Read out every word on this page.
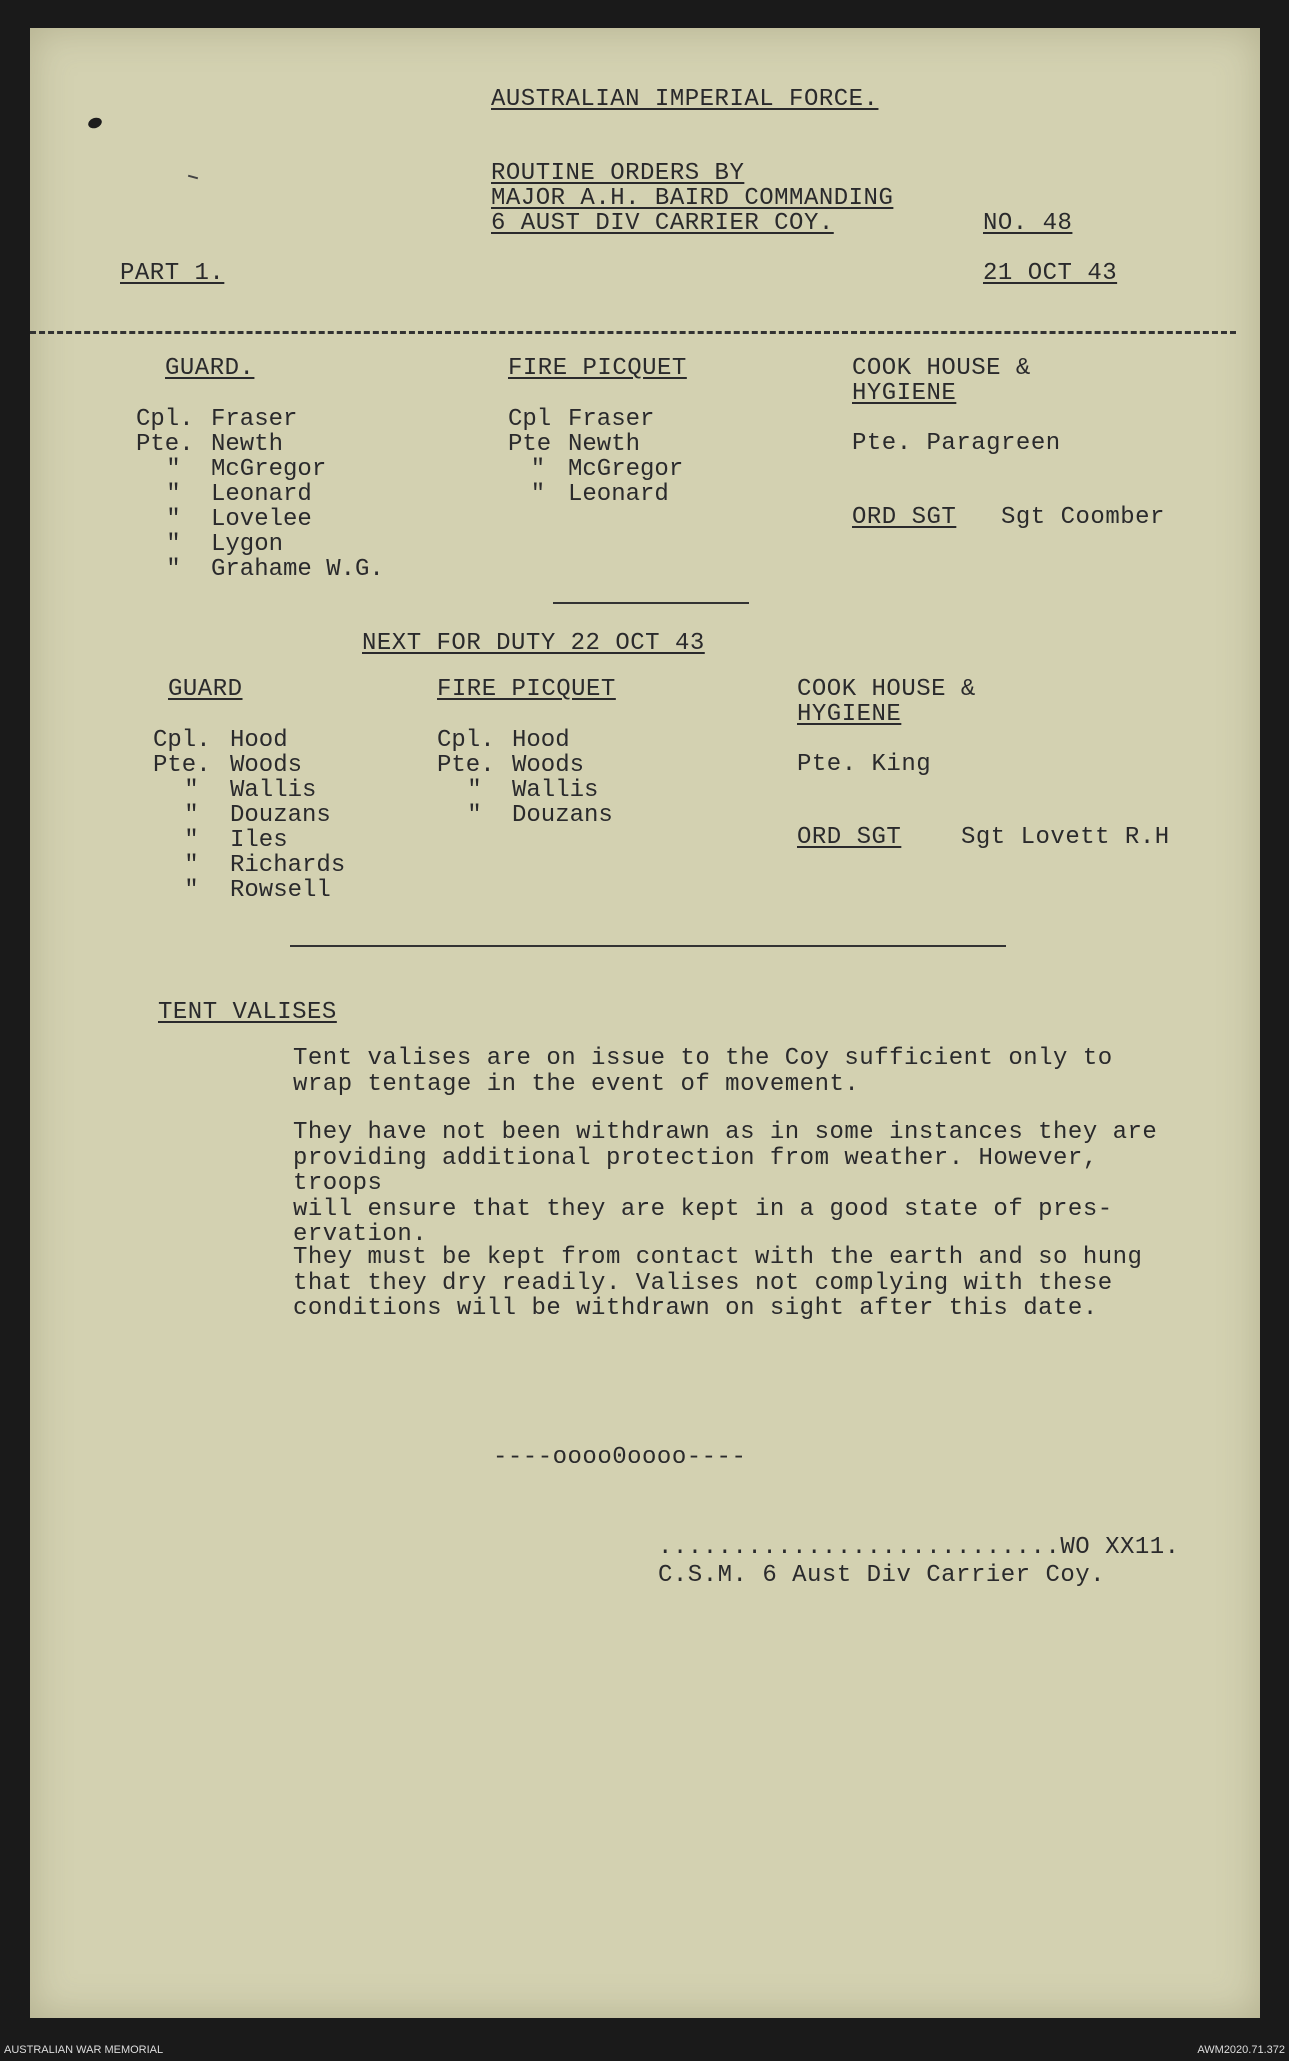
AUSTRALIAN IMPERIAL FORCE.
ROUTINE ORDERS BY
MAJOR A.H. BAIRD COMMANDING
6 AUST DIV CARRIER COY.	NO. 48
PART 1.	21 OCT 43
GUARD.
Cpl. Fraser
Pte. Newth
" McGregor
" Leonard
" Lovelee
" Lygon
" Grahame W.G.
FIRE PICQUET
Cpl Fraser
Pte Newth
" McGregor
" Leonard
COOK HOUSE &
HYGIENE
Pte. Paragreen
ORD SGT Sgt Coomber
NEXT FOR DUTY 22 OCT 43
GUARD
Cpl. Hood
Pte. Woods
" Wallis
" Douzans
" Iles
" Richards
" Rowsell
FIRE PICQUET
Cpl. Hood
Pte. Woods
" Wallis
" Douzans
COOK HOUSE &
HYGIENE
Pte. King
ORD SGT Sgt Lovett R.H
TENT VALISES
Tent valises are on issue to the Coy sufficient only to
wrap tentage in the event of movement.
They have not been withdrawn as in some instances they are
providing additional protection from weather. However, troops
will ensure that they are kept in a good state of pres-
ervation.
They must be kept from contact with the earth and so hung
that they dry readily. Valises not complying with these
conditions will be withdrawn on sight after this date.
----oooo0oooo----
...........................WO XX11.
C.S.M. 6 Aust Div Carrier Coy.
AUSTRALIAN WAR MEMORIAL	AWM2020.71.372
